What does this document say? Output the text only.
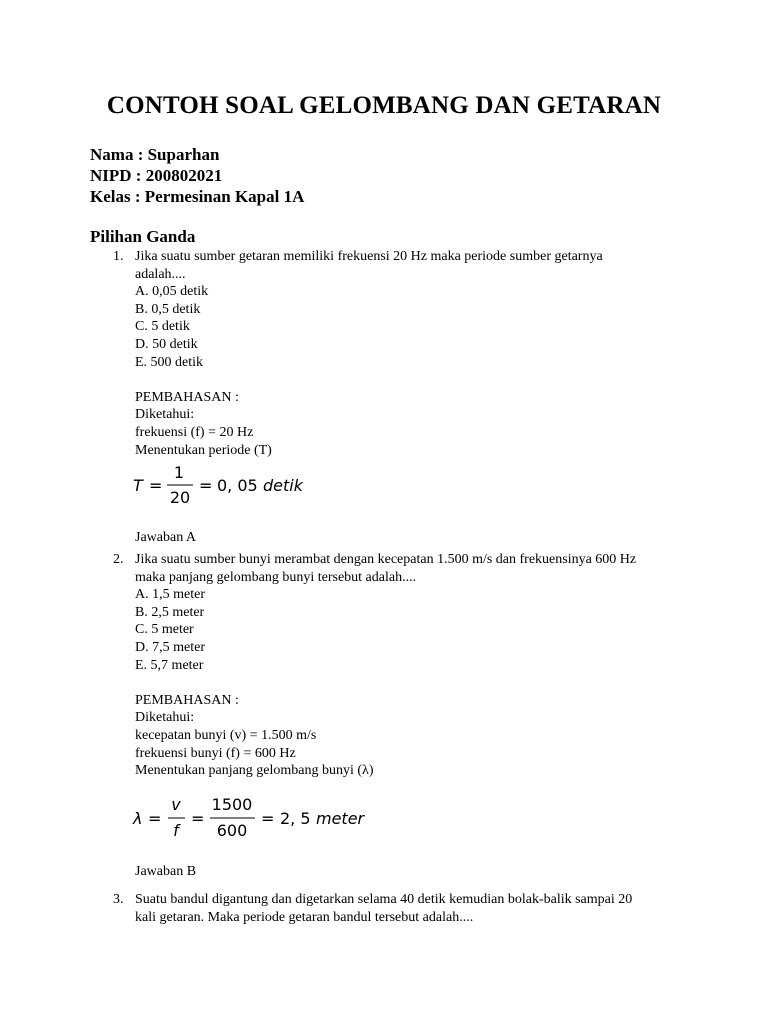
CONTOH SOAL GELOMBANG DAN GETARAN
Nama : Suparhan
NIPD : 200802021
Kelas : Permesinan Kapal 1A
Pilihan Ganda
1. Jika suatu sumber getaran memiliki frekuensi 20 Hz maka periode sumber getarnya
adalah....
A. 0,05 detik
B. 0,5 detik
C. 5 detik
D. 50 detik
E. 500 detik
PEMBAHASAN :
Diketahui:
frekuensi (f) = 20 Hz
Menentukan periode (T)
T =
1
20
= 0, 05 detik
Jawaban A
2. Jika suatu sumber bunyi merambat dengan kecepatan 1.500 m/s dan frekuensinya 600 Hz
maka panjang gelombang bunyi tersebut adalah....
A. 1,5 meter
B. 2,5 meter
C. 5 meter
D. 7,5 meter
E. 5,7 meter
PEMBAHASAN :
Diketahui:
kecepatan bunyi (v) = 1.500 m/s
frekuensi bunyi (f) = 600 Hz
Menentukan panjang gelombang bunyi (λ)
λ =
v
f
=
1500
600
= 2, 5 meter
Jawaban B
3. Suatu bandul digantung dan digetarkan selama 40 detik kemudian bolak-balik sampai 20
kali getaran. Maka periode getaran bandul tersebut adalah....
